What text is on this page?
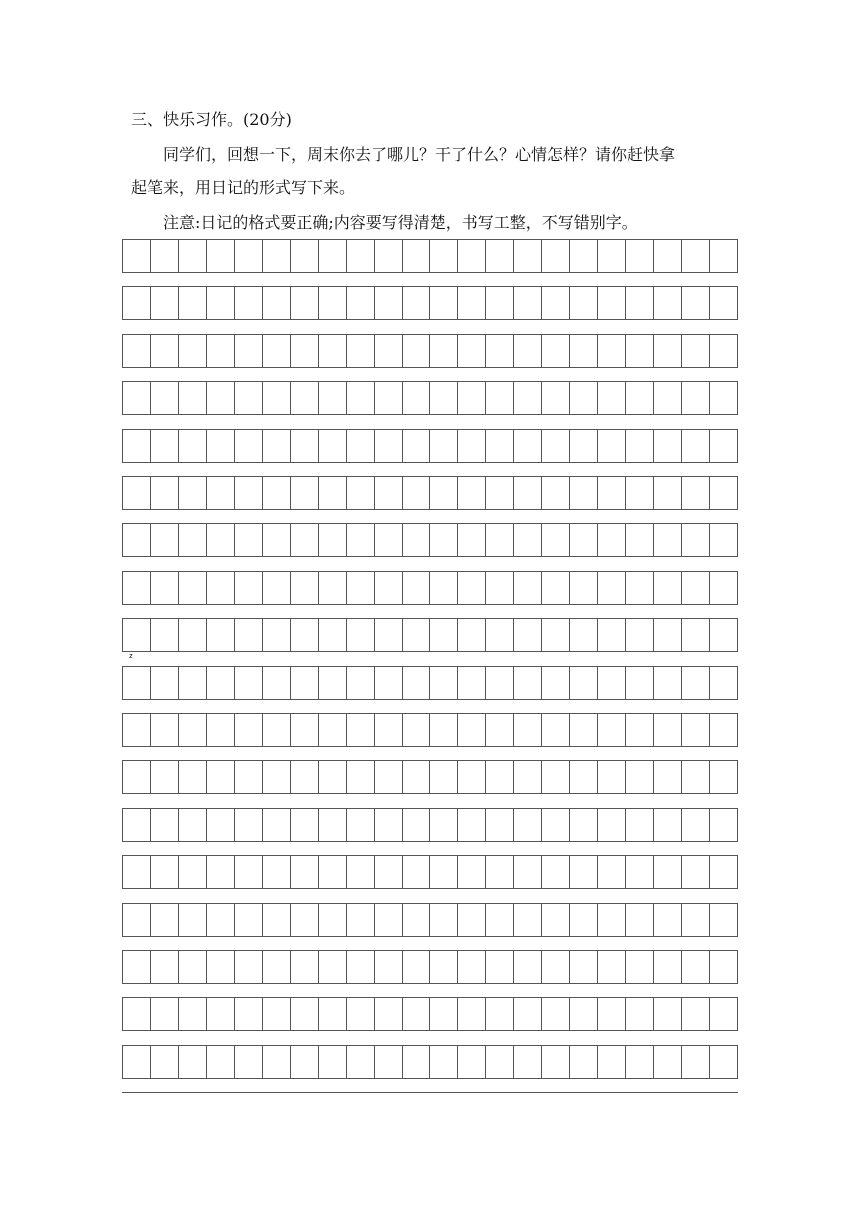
三、快乐习作。(20分)
同学们，回想一下，周末你去了哪儿？干了什么？心情怎样？请你赶快拿
起笔来，用日记的形式写下来。
注意:日记的格式要正确;内容要写得清楚，书写工整，不写错别字。
z
